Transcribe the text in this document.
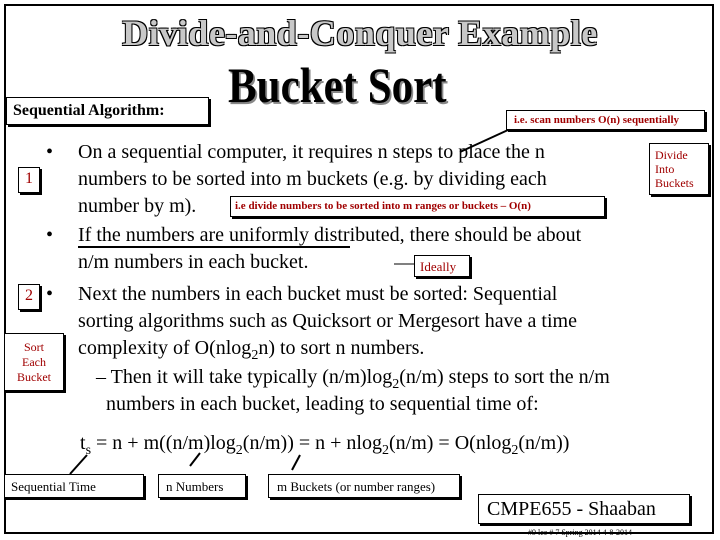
Divide-and-Conquer Example
Bucket Sort
Sequential Algorithm:
i.e. scan numbers O(n) sequentially
Divide
Into
Buckets
1
2
Sort
Each
Bucket
• On a sequential computer, it requires n steps to place the n
numbers to be sorted into m buckets (e.g. by dividing each
number by m).	i.e divide numbers to be sorted into m ranges or buckets – O(n)
• If the numbers are uniformly distributed, there should be about
n/m numbers in each bucket.	Ideally
• Next the numbers in each bucket must be sorted: Sequential
sorting algorithms such as Quicksort or Mergesort have a time
complexity of O(nlog$_2$n) to sort n numbers.
– Then it will take typically $(n/m)\log_2(n/m)$ steps to sort the n/m
numbers in each bucket, leading to sequential time of:
$t_s = n + m((n/m)\log_2(n/m)) = n + nlog_2(n/m) = O(nlog_2(n/m))$
Sequential Time	n Numbers	m Buckets (or number ranges)
CMPE655 - Shaaban
#9 lec # 7 Spring 2014 4-8-2014
